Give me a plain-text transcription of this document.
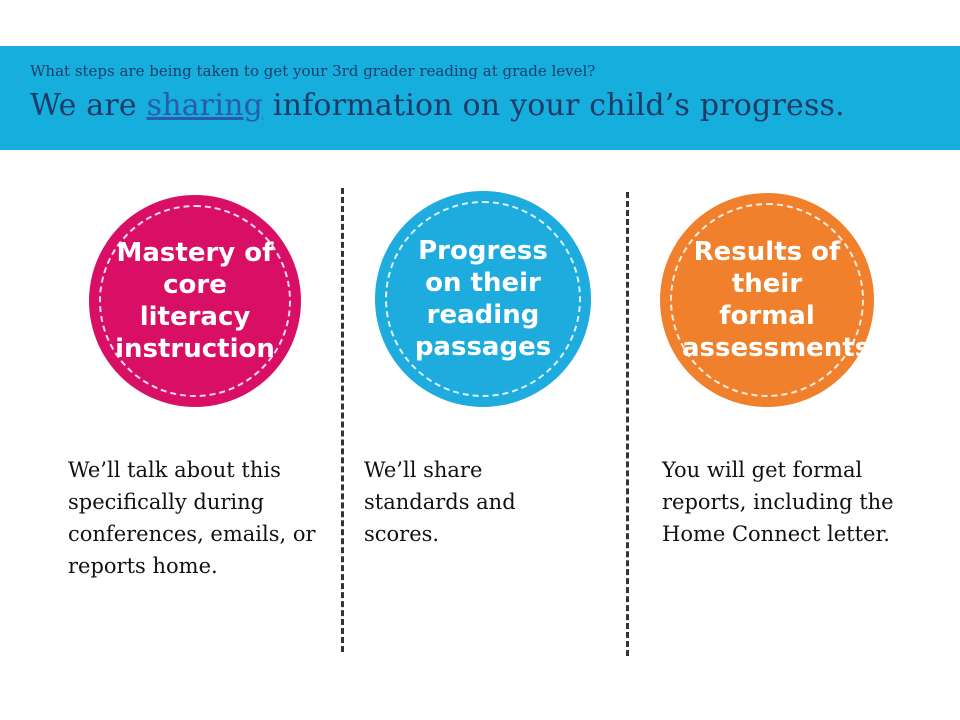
What steps are being taken to get your 3rd grader reading at grade level?
We are sharing information on your child’s progress.
Mastery of core literacy instruction
Progress on their reading passages
Results of their formal assessments
We’ll talk about this specifically during conferences, emails, or reports home.
We’ll share standards and scores.
You will get formal reports, including the Home Connect letter.
